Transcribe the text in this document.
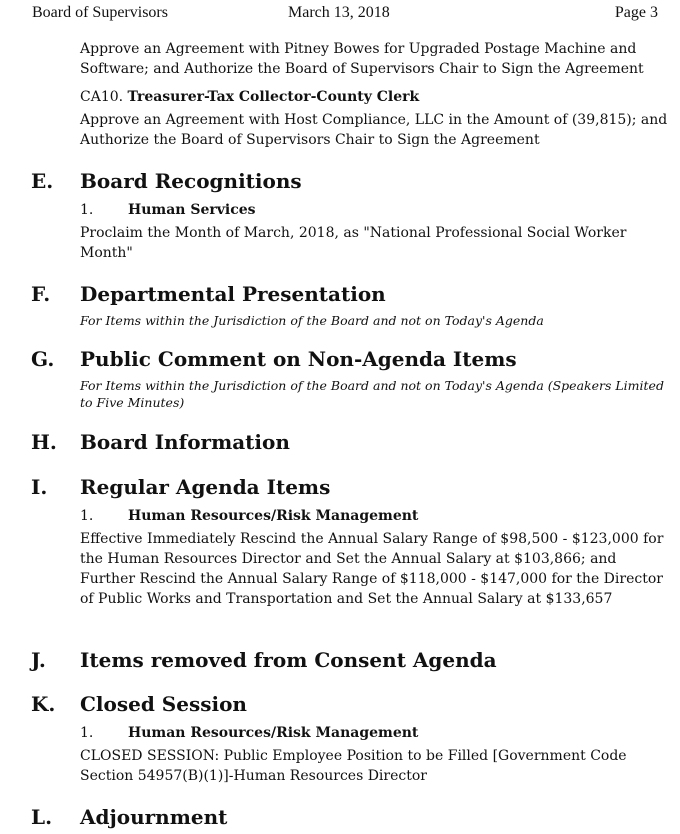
Board of Supervisors	March 13, 2018	Page 3
Approve an Agreement with Pitney Bowes for Upgraded Postage Machine and Software; and Authorize the Board of Supervisors Chair to Sign the Agreement
CA10. Treasurer-Tax Collector-County Clerk
Approve an Agreement with Host Compliance, LLC in the Amount of (39,815); and Authorize the Board of Supervisors Chair to Sign the Agreement
E. Board Recognitions
1. Human Services
Proclaim the Month of March, 2018, as "National Professional Social Worker Month"
F. Departmental Presentation
For Items within the Jurisdiction of the Board and not on Today's Agenda
G. Public Comment on Non-Agenda Items
For Items within the Jurisdiction of the Board and not on Today's Agenda (Speakers Limited to Five Minutes)
H. Board Information
I. Regular Agenda Items
1. Human Resources/Risk Management
Effective Immediately Rescind the Annual Salary Range of $98,500 - $123,000 for the Human Resources Director and Set the Annual Salary at $103,866; and Further Rescind the Annual Salary Range of $118,000 - $147,000 for the Director of Public Works and Transportation and Set the Annual Salary at $133,657
J. Items removed from Consent Agenda
K. Closed Session
1. Human Resources/Risk Management
CLOSED SESSION: Public Employee Position to be Filled [Government Code Section 54957(B)(1)]-Human Resources Director
L. Adjournment
